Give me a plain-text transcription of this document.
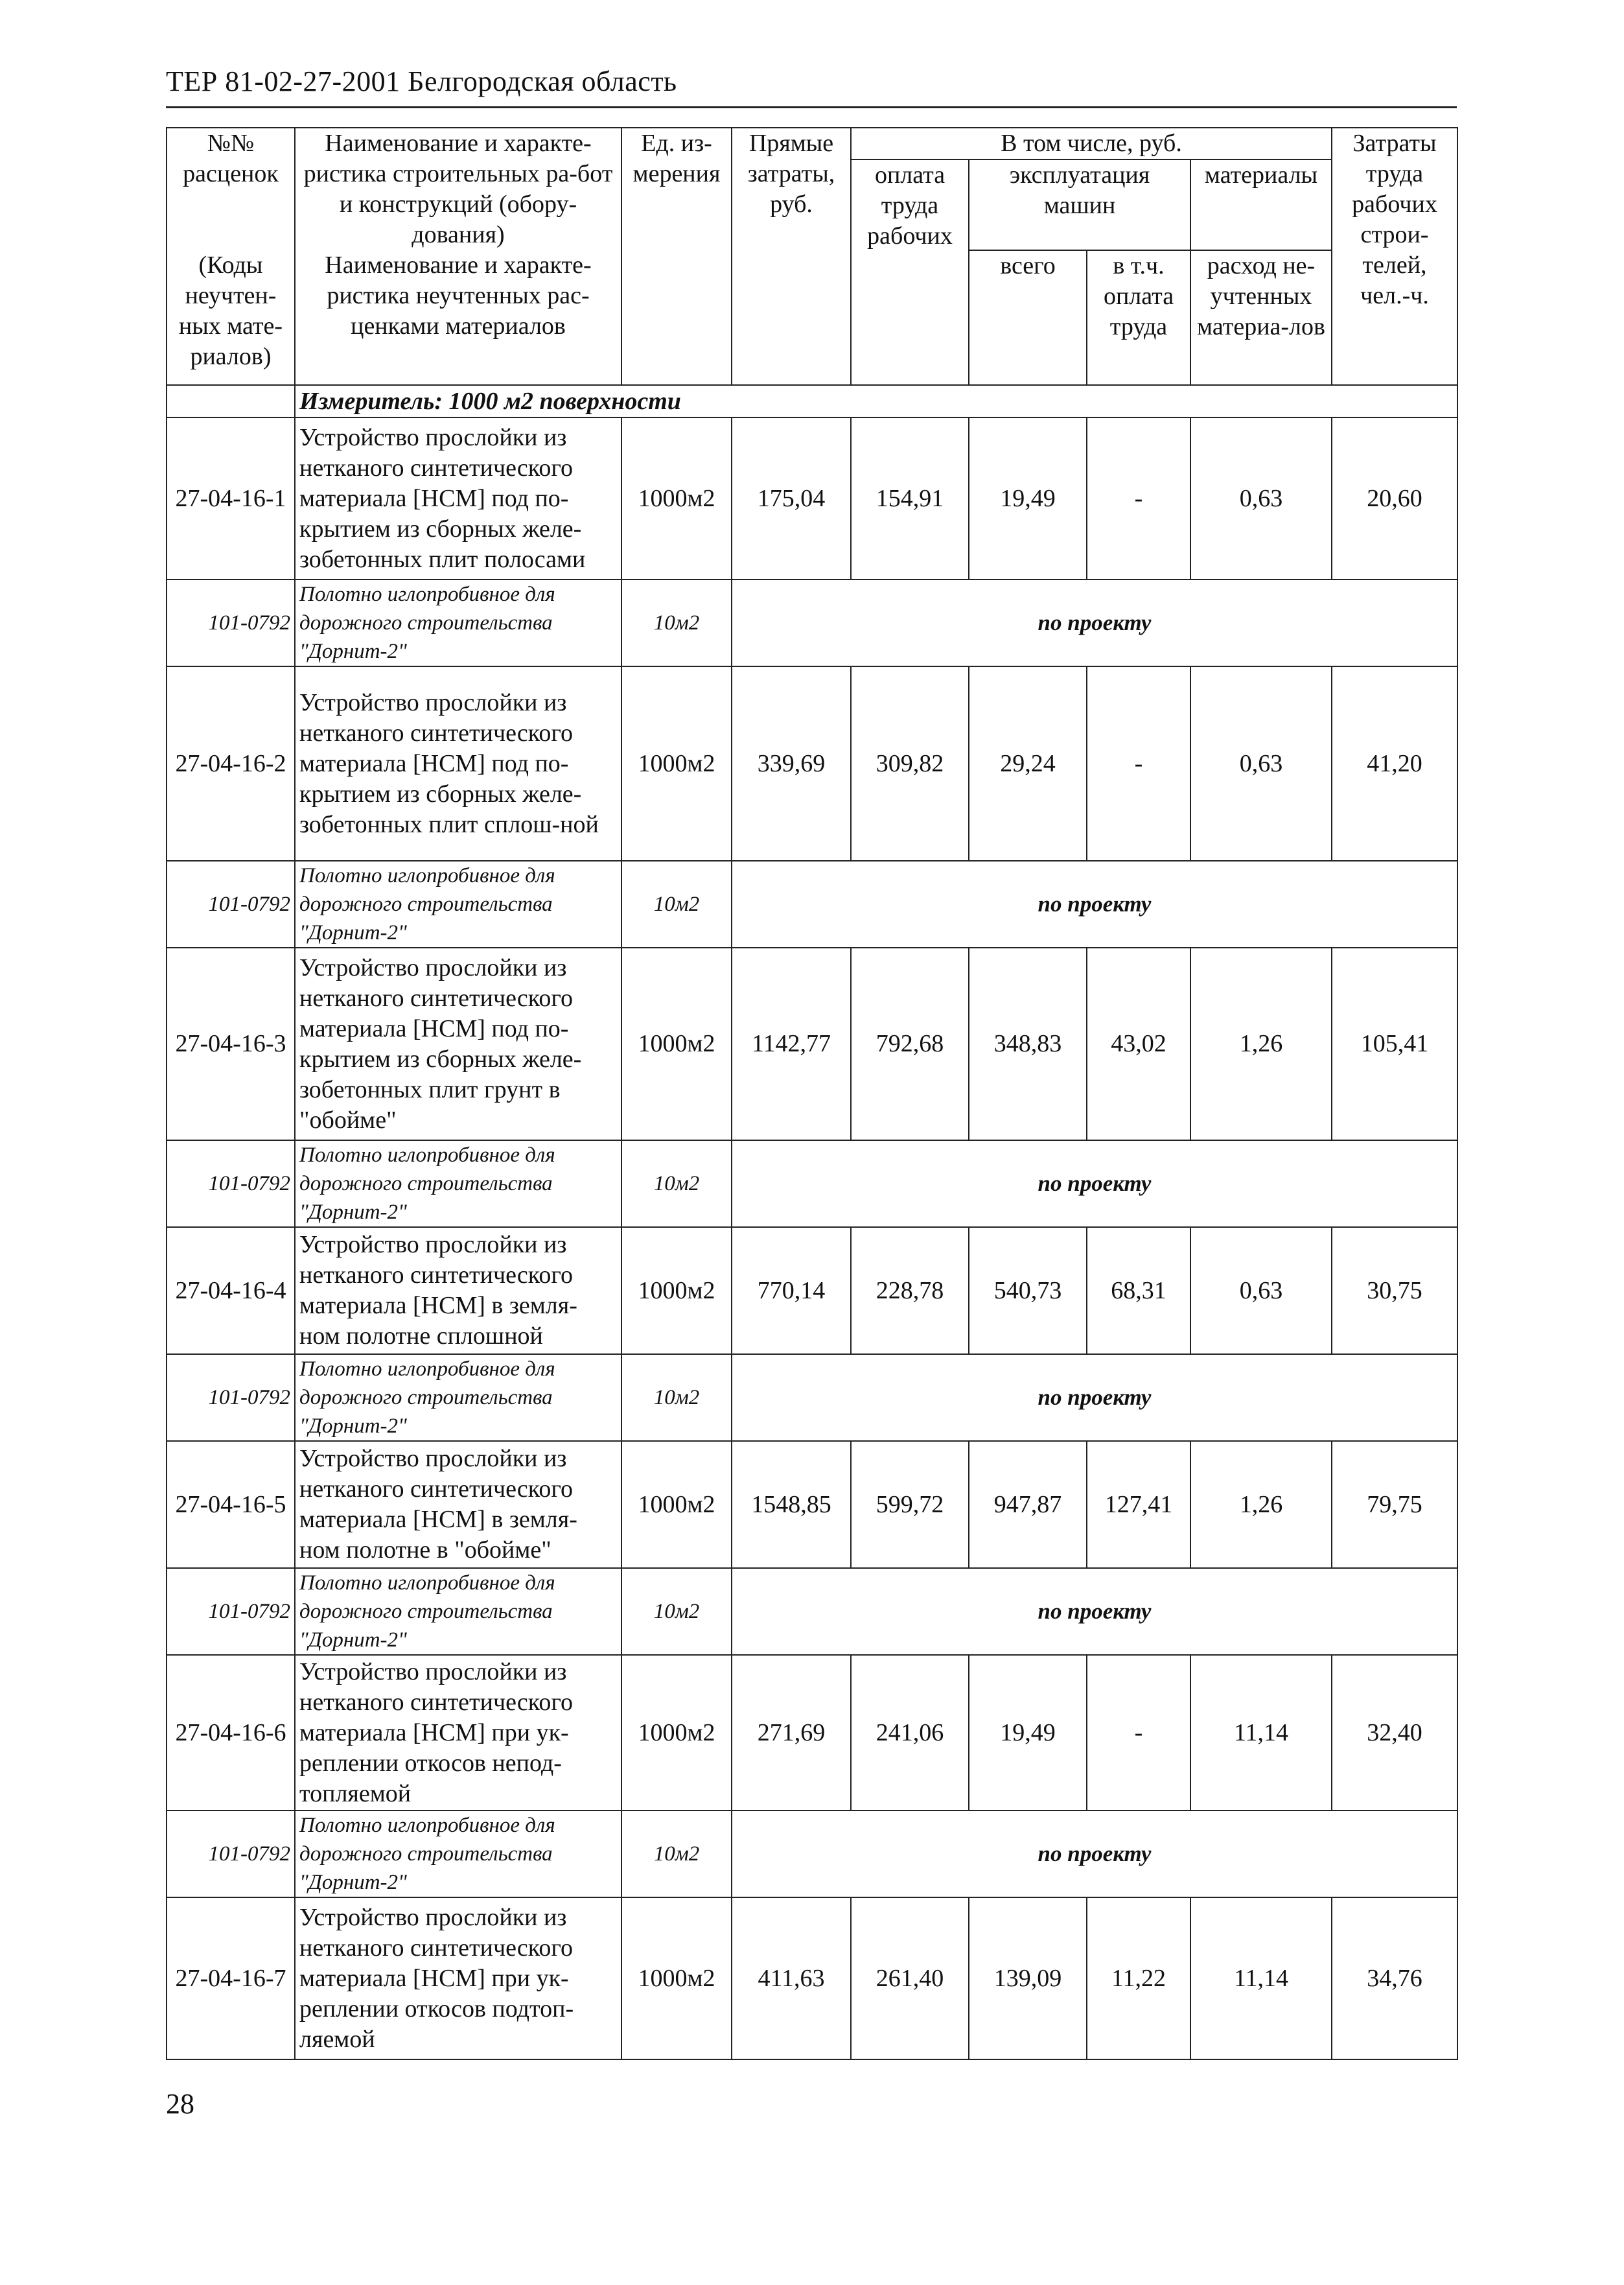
ТЕР 81-02-27-2001 Белгородская область
№№ расценок	Наименование и характе-ристика строительных ра-бот и конструкций (обору-дования)	Ед. из-мерения	Прямые затраты, руб.	В том числе, руб.				Затраты труда рабочих строи-телей, чел.-ч.
				оплата труда рабочих	эксплуатация машин		материалы	

(Коды неучтен-ных мате-риалов)	Наименование и характе-ристика неучтенных рас-ценками материалов				всего	в т.ч. оплата труда	расход не-учтенных материа-лов	

	Измеритель: 1000 м2 поверхности							
27-04-16-1	Устройство прослойки из нетканого синтетического материала [НСМ] под по-крытием из сборных желе-зобетонных плит полосами	1000м2	175,04	154,91	19,49	-	0,63	20,60
101-0792	Полотно иглопробивное для дорожного строительства "Дорнит-2"	10м2	по проекту					
27-04-16-2	Устройство прослойки из нетканого синтетического материала [НСМ] под по-крытием из сборных желе-зобетонных плит сплош-ной	1000м2	339,69	309,82	29,24	-	0,63	41,20
101-0792	Полотно иглопробивное для дорожного строительства "Дорнит-2"	10м2	по проекту					
27-04-16-3	Устройство прослойки из нетканого синтетического материала [НСМ] под по-крытием из сборных желе-зобетонных плит грунт в "обойме"	1000м2	1142,77	792,68	348,83	43,02	1,26	105,41
101-0792	Полотно иглопробивное для дорожного строительства "Дорнит-2"	10м2	по проекту					
27-04-16-4	Устройство прослойки из нетканого синтетического материала [НСМ] в земля-ном полотне сплошной	1000м2	770,14	228,78	540,73	68,31	0,63	30,75
101-0792	Полотно иглопробивное для дорожного строительства "Дорнит-2"	10м2	по проекту					
27-04-16-5	Устройство прослойки из нетканого синтетического материала [НСМ] в земля-ном полотне в "обойме"	1000м2	1548,85	599,72	947,87	127,41	1,26	79,75
101-0792	Полотно иглопробивное для дорожного строительства "Дорнит-2"	10м2	по проекту					
27-04-16-6	Устройство прослойки из нетканого синтетического материала [НСМ] при ук-реплении откосов непод-топляемой	1000м2	271,69	241,06	19,49	-	11,14	32,40
101-0792	Полотно иглопробивное для дорожного строительства "Дорнит-2"	10м2	по проекту					
27-04-16-7	Устройство прослойки из нетканого синтетического материала [НСМ] при ук-реплении откосов подтоп-ляемой	1000м2	411,63	261,40	139,09	11,22	11,14	34,76
28
